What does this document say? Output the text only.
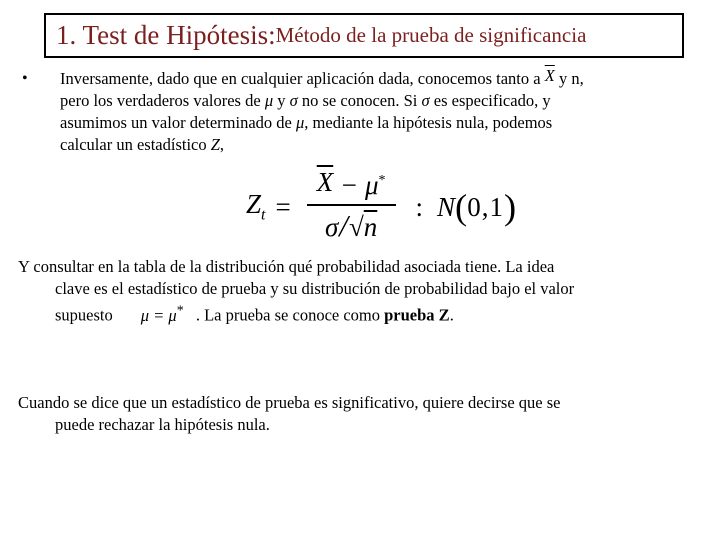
1. Test de Hipótesis: Método de la prueba de significancia
•	Inversamente, dado que en cualquier aplicación dada, conocemos tanto a $\overline{X}$ y n,
pero los verdaderos valores de μ y σ no se conocen. Si σ es especificado, y
asumimos un valor determinado de μ, mediante la hipótesis nula, podemos
calcular un estadístico Z,
$Z_t = \frac{\overline{X} - \mu^*}{\sigma/√n}$ : N(0,1)
Y consultar en la tabla de la distribución qué probabilidad asociada tiene. La idea
clave es el estadístico de prueba y su distribución de probabilidad bajo el valor
supuesto μ = μ* . La prueba se conoce como prueba Z.
Cuando se dice que un estadístico de prueba es significativo, quiere decirse que se
puede rechazar la hipótesis nula.
